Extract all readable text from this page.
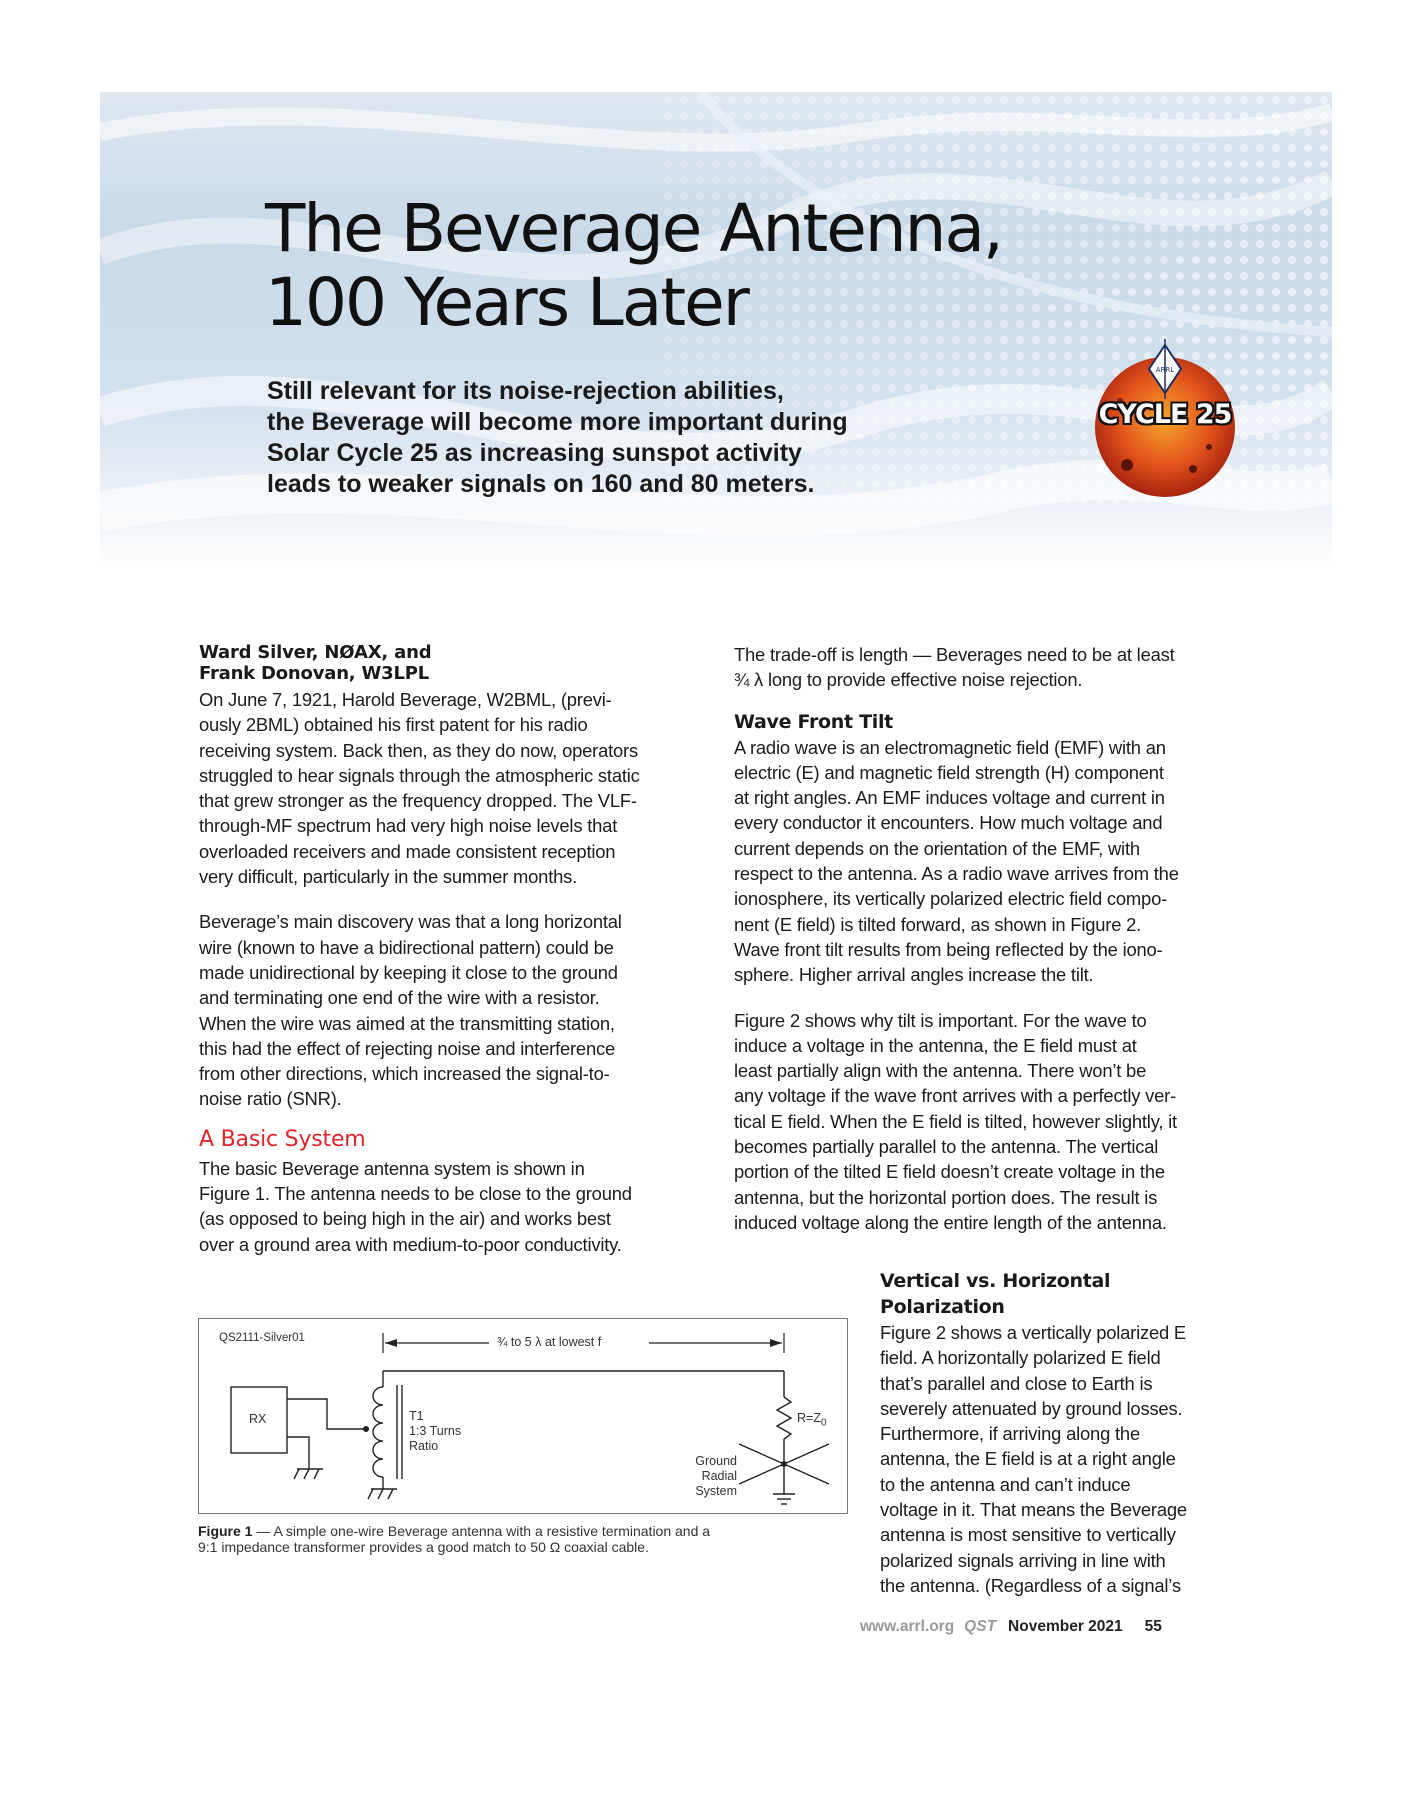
The Beverage Antenna,
100 Years Later
Still relevant for its noise-rejection abilities,
the Beverage will become more important during
Solar Cycle 25 as increasing sunspot activity
leads to weaker signals on 160 and 80 meters.
ARRL
CYCLE 25
Ward Silver, NØAX, and
Frank Donovan, W3LPL

On June 7, 1921, Harold Beverage, W2BML, (previ-
ously 2BML) obtained his first patent for his radio
receiving system. Back then, as they do now, operators
struggled to hear signals through the atmospheric static
that grew stronger as the frequency dropped. The VLF-
through-MF spectrum had very high noise levels that
overloaded receivers and made consistent reception
very difficult, particularly in the summer months.

Beverage’s main discovery was that a long horizontal
wire (known to have a bidirectional pattern) could be
made unidirectional by keeping it close to the ground
and terminating one end of the wire with a resistor.
When the wire was aimed at the transmitting station,
this had the effect of rejecting noise and interference
from other directions, which increased the signal-to-
noise ratio (SNR).

A Basic System

The basic Beverage antenna system is shown in
Figure 1. The antenna needs to be close to the ground
(as opposed to being high in the air) and works best
over a ground area with medium-to-poor conductivity.

The trade-off is length — Beverages need to be at least
¾ λ long to provide effective noise rejection.

Wave Front Tilt

A radio wave is an electromagnetic field (EMF) with an
electric (E) and magnetic field strength (H) component
at right angles. An EMF induces voltage and current in
every conductor it encounters. How much voltage and
current depends on the orientation of the EMF, with
respect to the antenna. As a radio wave arrives from the
ionosphere, its vertically polarized electric field compo-
nent (E field) is tilted forward, as shown in Figure 2.
Wave front tilt results from being reflected by the iono-
sphere. Higher arrival angles increase the tilt.

Figure 2 shows why tilt is important. For the wave to
induce a voltage in the antenna, the E field must at
least partially align with the antenna. There won’t be
any voltage if the wave front arrives with a perfectly ver-
tical E field. When the E field is tilted, however slightly, it
becomes partially parallel to the antenna. The vertical
portion of the tilted E field doesn’t create voltage in the
antenna, but the horizontal portion does. The result is
induced voltage along the entire length of the antenna.

Vertical vs. Horizontal Polarization

Figure 2 shows a vertically polarized E
field. A horizontally polarized E field
that’s parallel and close to Earth is
severely attenuated by ground losses.
Furthermore, if arriving along the
antenna, the E field is at a right angle
to the antenna and can’t induce
voltage in it. That means the Beverage
antenna is most sensitive to vertically
polarized signals arriving in line with
the antenna. (Regardless of a signal’s

QS2111-Silver01	¾ to 5 λ at lowest f
RX	T1
1:3 Turns
Ratio
$R=Z_0$
Ground
Radial
System
Figure 1 — A simple one-wire Beverage antenna with a resistive termination and a
9:1 impedance transformer provides a good match to 50 Ω coaxial cable.
www.arrl.org QST November 2021 55
